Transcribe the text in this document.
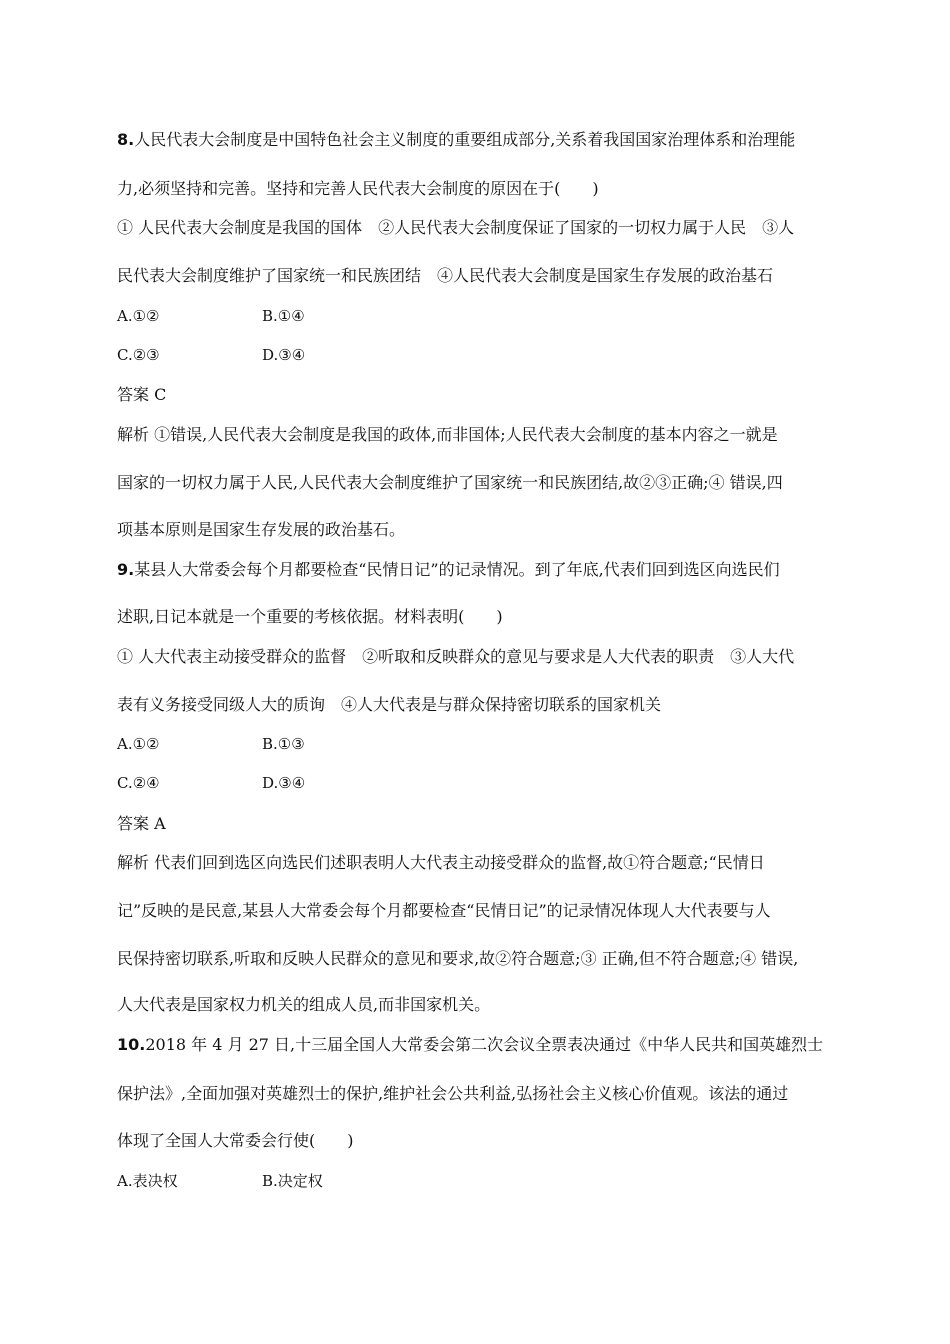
8.人民代表大会制度是中国特色社会主义制度的重要组成部分,关系着我国国家治理体系和治理能
力,必须坚持和完善。坚持和完善人民代表大会制度的原因在于(　　)
① 人民代表大会制度是我国的国体　②人民代表大会制度保证了国家的一切权力属于人民　③人
民代表大会制度维护了国家统一和民族团结　④人民代表大会制度是国家生存发展的政治基石
A.①②	B.①④
C.②③	D.③④
答案 C
解析 ①错误,人民代表大会制度是我国的政体,而非国体;人民代表大会制度的基本内容之一就是
国家的一切权力属于人民,人民代表大会制度维护了国家统一和民族团结,故②③正确;④ 错误,四
项基本原则是国家生存发展的政治基石。
9.某县人大常委会每个月都要检查“民情日记”的记录情况。到了年底,代表们回到选区向选民们
述职,日记本就是一个重要的考核依据。材料表明(　　)
① 人大代表主动接受群众的监督　②听取和反映群众的意见与要求是人大代表的职责　③人大代
表有义务接受同级人大的质询　④人大代表是与群众保持密切联系的国家机关
A.①②	B.①③
C.②④	D.③④
答案 A
解析 代表们回到选区向选民们述职表明人大代表主动接受群众的监督,故①符合题意;“民情日
记”反映的是民意,某县人大常委会每个月都要检查“民情日记”的记录情况体现人大代表要与人
民保持密切联系,听取和反映人民群众的意见和要求,故②符合题意;③ 正确,但不符合题意;④ 错误,
人大代表是国家权力机关的组成人员,而非国家机关。
10.2018 年 4 月 27 日,十三届全国人大常委会第二次会议全票表决通过《中华人民共和国英雄烈士
保护法》,全面加强对英雄烈士的保护,维护社会公共利益,弘扬社会主义核心价值观。该法的通过
体现了全国人大常委会行使(　　)
A.表决权	B.决定权
